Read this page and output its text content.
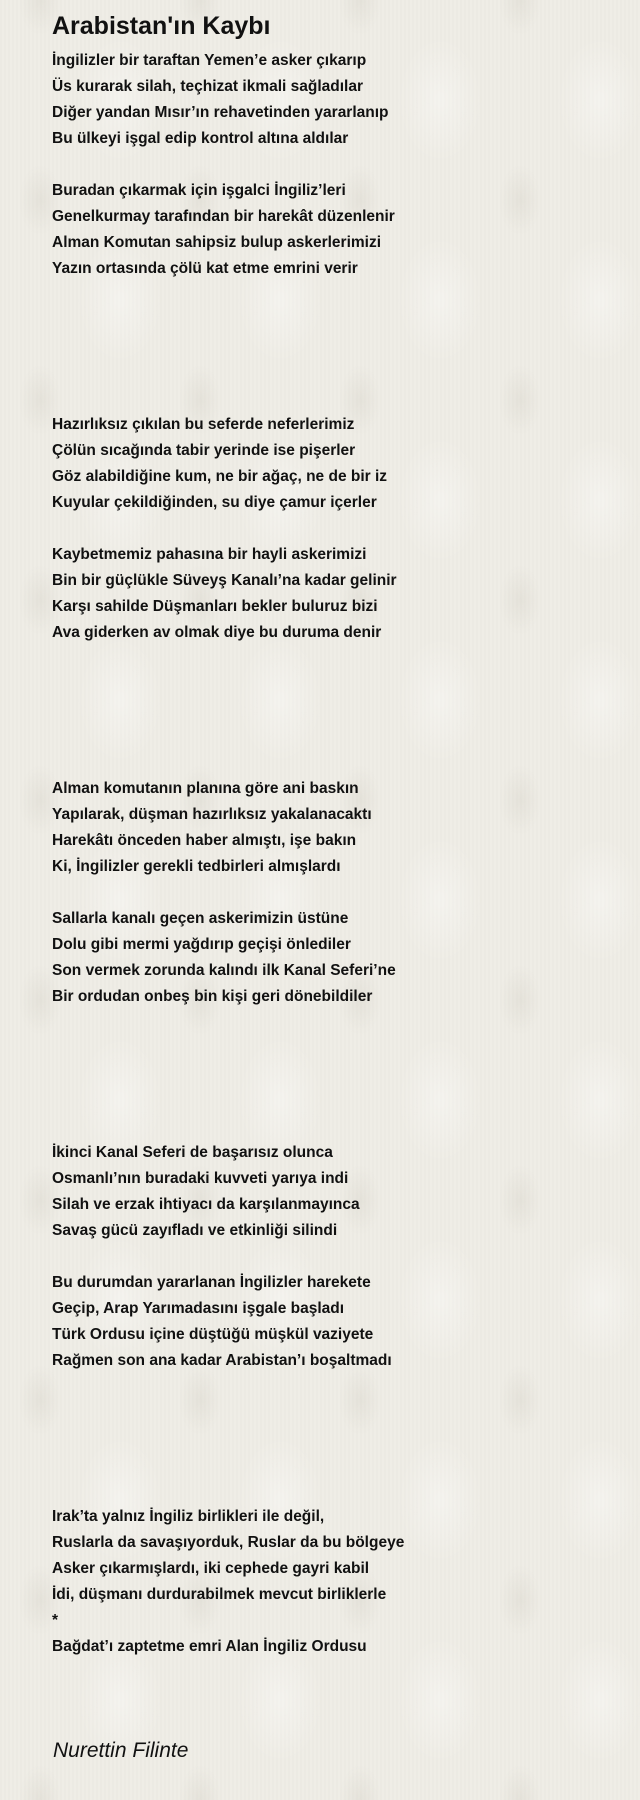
Arabistan'ın Kaybı
İngilizler bir taraftan Yemen’e asker çıkarıp
Üs kurarak silah, teçhizat ikmali sağladılar
Diğer yandan Mısır’ın rehavetinden yararlanıp
Bu ülkeyi işgal edip kontrol altına aldılar
Buradan çıkarmak için işgalci İngiliz’leri
Genelkurmay tarafından bir harekât düzenlenir
Alman Komutan sahipsiz bulup askerlerimizi
Yazın ortasında çölü kat etme emrini verir
Hazırlıksız çıkılan bu seferde neferlerimiz
Çölün sıcağında tabir yerinde ise pişerler
Göz alabildiğine kum, ne bir ağaç, ne de bir iz
Kuyular çekildiğinden, su diye çamur içerler
Kaybetmemiz pahasına bir hayli askerimizi
Bin bir güçlükle Süveyş Kanalı’na kadar gelinir
Karşı sahilde Düşmanları bekler buluruz bizi
Ava giderken av olmak diye bu duruma denir
Alman komutanın planına göre ani baskın
Yapılarak, düşman hazırlıksız yakalanacaktı
Harekâtı önceden haber almıştı, işe bakın
Ki, İngilizler gerekli tedbirleri almışlardı
Sallarla kanalı geçen askerimizin üstüne
Dolu gibi mermi yağdırıp geçişi önlediler
Son vermek zorunda kalındı ilk Kanal Seferi’ne
Bir ordudan onbeş bin kişi geri dönebildiler
İkinci Kanal Seferi de başarısız olunca
Osmanlı’nın buradaki kuvveti yarıya indi
Silah ve erzak ihtiyacı da karşılanmayınca
Savaş gücü zayıfladı ve etkinliği silindi
Bu durumdan yararlanan İngilizler harekete
Geçip, Arap Yarımadasını işgale başladı
Türk Ordusu içine düştüğü müşkül vaziyete
Rağmen son ana kadar Arabistan’ı boşaltmadı
Irak’ta yalnız İngiliz birlikleri ile değil,
Ruslarla da savaşıyorduk, Ruslar da bu bölgeye
Asker çıkarmışlardı, iki cephede gayri kabil
İdi, düşmanı durdurabilmek mevcut birliklerle
*
Bağdat’ı zaptetme emri Alan İngiliz Ordusu
Nurettin Filinte
